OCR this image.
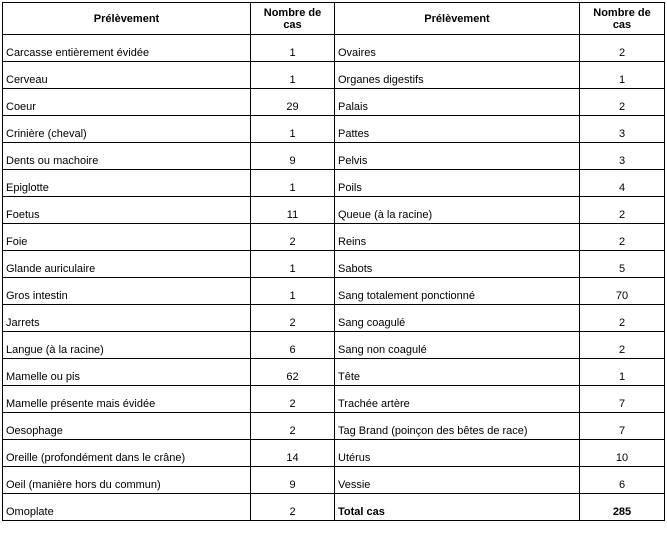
Prélèvement	Nombre de cas	Prélèvement	Nombre de cas
Carcasse entièrement évidée	1	Ovaires	2
Cerveau	1	Organes digestifs	1
Coeur	29	Palais	2
Crinière (cheval)	1	Pattes	3
Dents ou machoire	9	Pelvis	3
Epiglotte	1	Poils	4
Foetus	11	Queue (à la racine)	2
Foie	2	Reins	2
Glande auriculaire	1	Sabots	5
Gros intestin	1	Sang totalement ponctionné	70
Jarrets	2	Sang coagulé	2
Langue (à la racine)	6	Sang non coagulé	2
Mamelle ou pis	62	Tête	1
Mamelle présente mais évidée	2	Trachée artère	7
Oesophage	2	Tag Brand (poinçon des bêtes de race)	7
Oreille (profondément dans le crâne)	14	Utérus	10
Oeil (manière hors du commun)	9	Vessie	6
Omoplate	2	Total cas	285
